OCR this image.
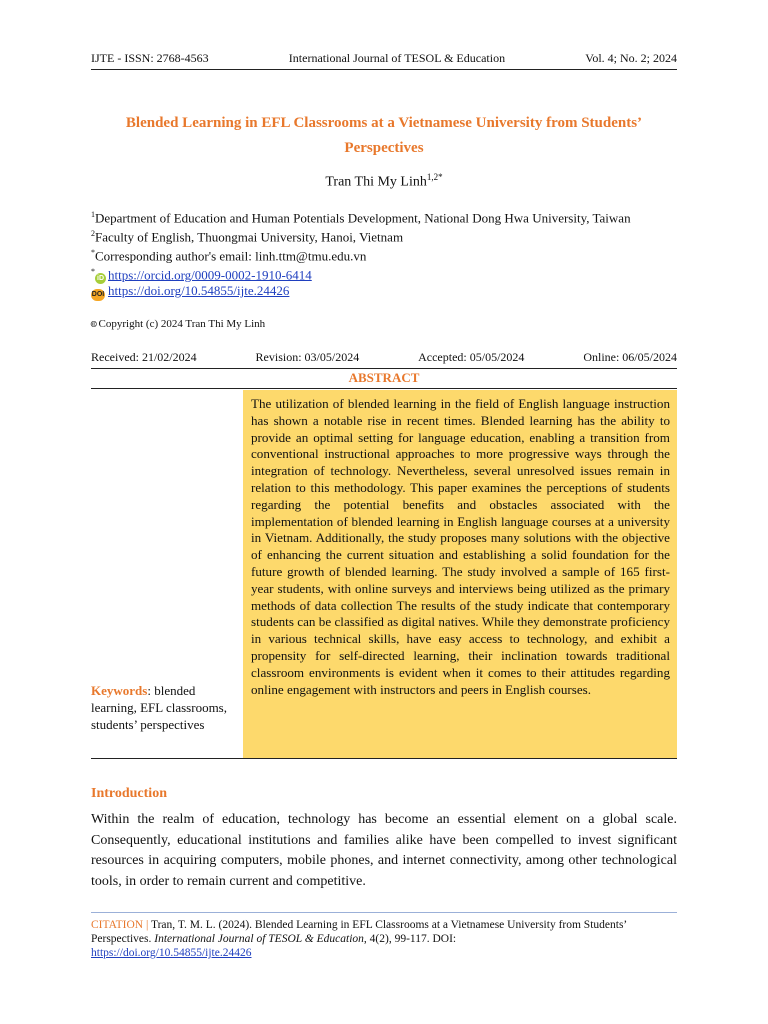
IJTE - ISSN: 2768-4563	International Journal of TESOL & Education	Vol. 4; No. 2; 2024
Blended Learning in EFL Classrooms at a Vietnamese University from Students’
Perspectives
Tran Thi My Linh$^{1,2*}$
$^1$Department of Education and Human Potentials Development, National Dong Hwa University, Taiwan
$^2$Faculty of English, Thuongmai University, Hanoi, Vietnam
*Corresponding author's email: linh.ttm@tmu.edu.vn
*iD https://orcid.org/0009-0002-1910-6414
DOI https://doi.org/10.54855/ijte.24426
🅭 Copyright (c) 2024 Tran Thi My Linh
Received: 21/02/2024	Revision: 03/05/2024	Accepted: 05/05/2024	Online: 06/05/2024
ABSTRACT
Keywords: blended learning, EFL classrooms, students’ perspectives
The utilization of blended learning in the field of English language instruction has shown a notable rise in recent times. Blended learning has the ability to provide an optimal setting for language education, enabling a transition from conventional instructional approaches to more progressive ways through the integration of technology. Nevertheless, several unresolved issues remain in relation to this methodology. This paper examines the perceptions of students regarding the potential benefits and obstacles associated with the implementation of blended learning in English language courses at a university in Vietnam. Additionally, the study proposes many solutions with the objective of enhancing the current situation and establishing a solid foundation for the future growth of blended learning. The study involved a sample of 165 first-year students, with online surveys and interviews being utilized as the primary methods of data collection The results of the study indicate that contemporary students can be classified as digital natives. While they demonstrate proficiency in various technical skills, have easy access to technology, and exhibit a propensity for self-directed learning, their inclination towards traditional classroom environments is evident when it comes to their attitudes regarding online engagement with instructors and peers in English courses.
Introduction
Within the realm of education, technology has become an essential element on a global scale. Consequently, educational institutions and families alike have been compelled to invest significant resources in acquiring computers, mobile phones, and internet connectivity, among other technological tools, in order to remain current and competitive.
CITATION | Tran, T. M. L. (2024). Blended Learning in EFL Classrooms at a Vietnamese University from Students’ Perspectives. International Journal of TESOL & Education, 4(2), 99-117. DOI:
https://doi.org/10.54855/ijte.24426
